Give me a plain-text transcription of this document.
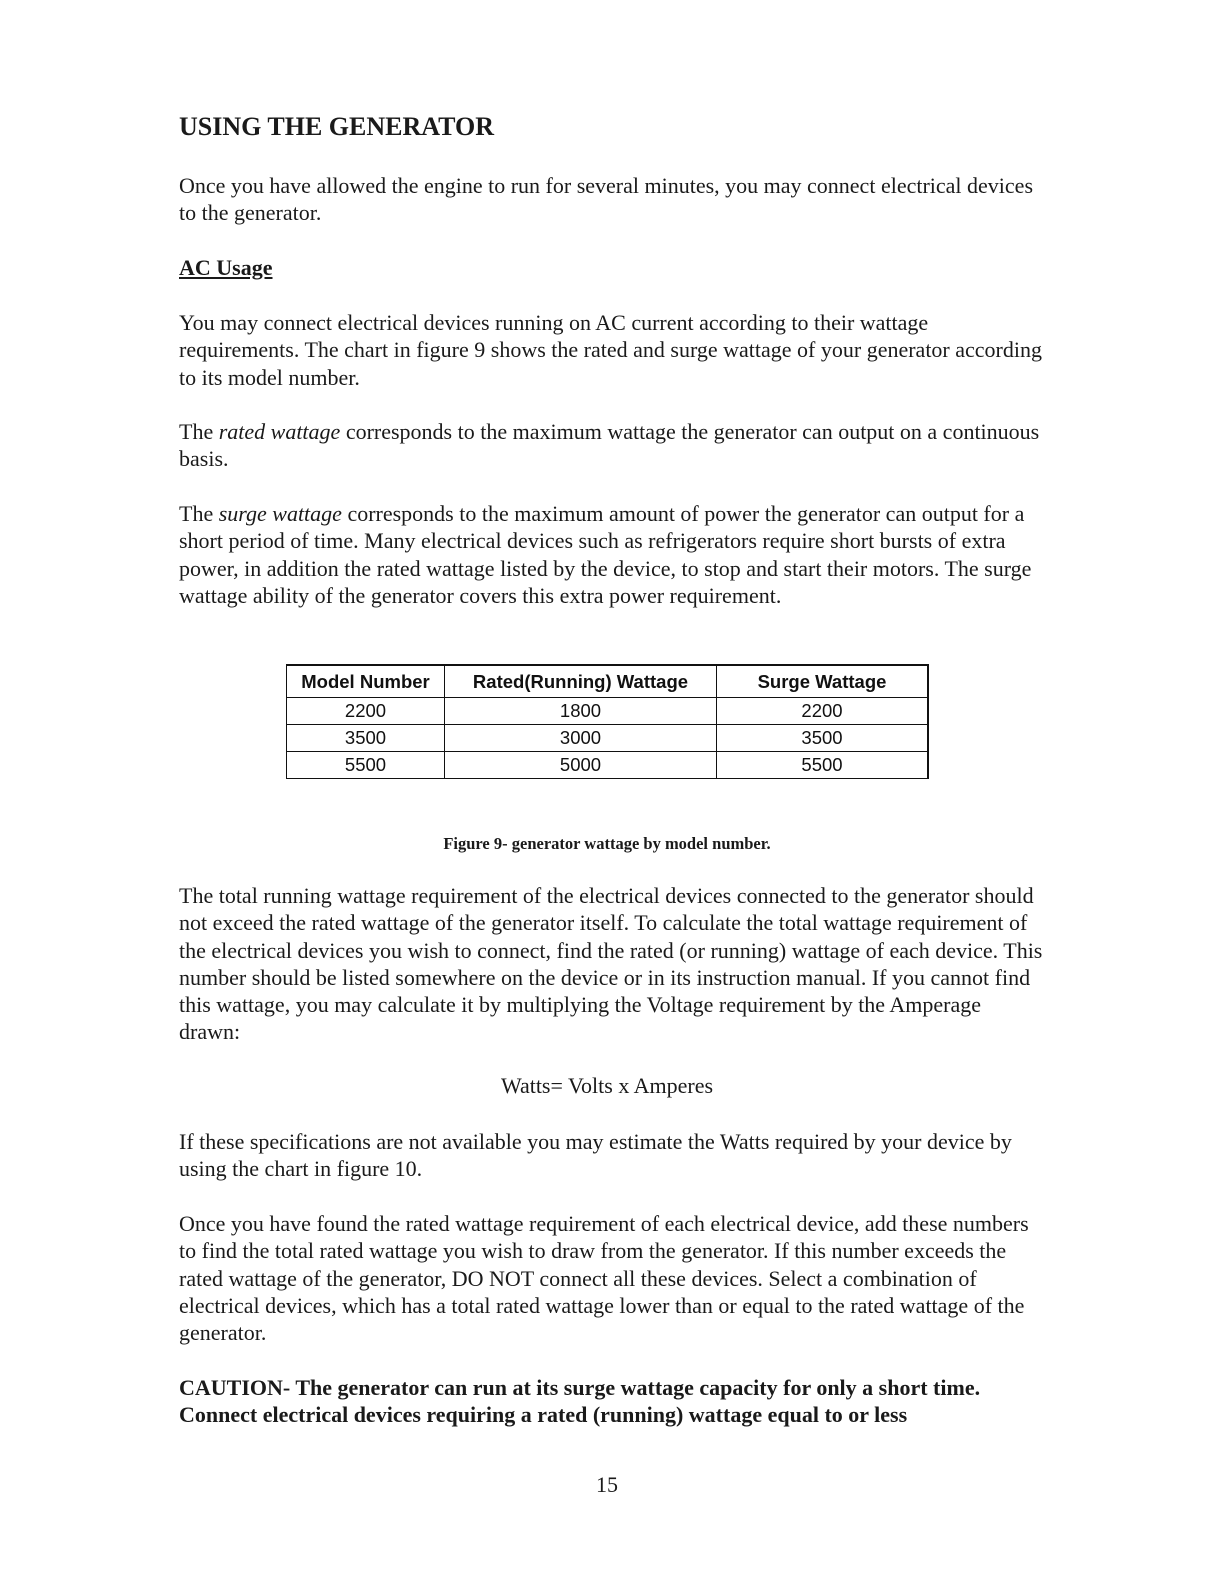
USING THE GENERATOR

Once you have allowed the engine to run for several minutes, you may connect electrical devices to the generator.

AC Usage

You may connect electrical devices running on AC current according to their wattage requirements. The chart in figure 9 shows the rated and surge wattage of your generator according to its model number.

The rated wattage corresponds to the maximum wattage the generator can output on a continuous basis.

The surge wattage corresponds to the maximum amount of power the generator can output for a short period of time. Many electrical devices such as refrigerators require short bursts of extra power, in addition the rated wattage listed by the device, to stop and start their motors. The surge wattage ability of the generator covers this extra power requirement.

Model Number	Rated(Running) Wattage	Surge Wattage
2200	1800	2200
3500	3000	3500
5500	5000	5500

Figure 9- generator wattage by model number.

The total running wattage requirement of the electrical devices connected to the generator should not exceed the rated wattage of the generator itself. To calculate the total wattage requirement of the electrical devices you wish to connect, find the rated (or running) wattage of each device. This number should be listed somewhere on the device or in its instruction manual. If you cannot find this wattage, you may calculate it by multiplying the Voltage requirement by the Amperage drawn:

Watts= Volts x Amperes

If these specifications are not available you may estimate the Watts required by your device by using the chart in figure 10.

Once you have found the rated wattage requirement of each electrical device, add these numbers to find the total rated wattage you wish to draw from the generator. If this number exceeds the rated wattage of the generator, DO NOT connect all these devices. Select a combination of electrical devices, which has a total rated wattage lower than or equal to the rated wattage of the generator.

CAUTION- The generator can run at its surge wattage capacity for only a short time. Connect electrical devices requiring a rated (running) wattage equal to or less

15
